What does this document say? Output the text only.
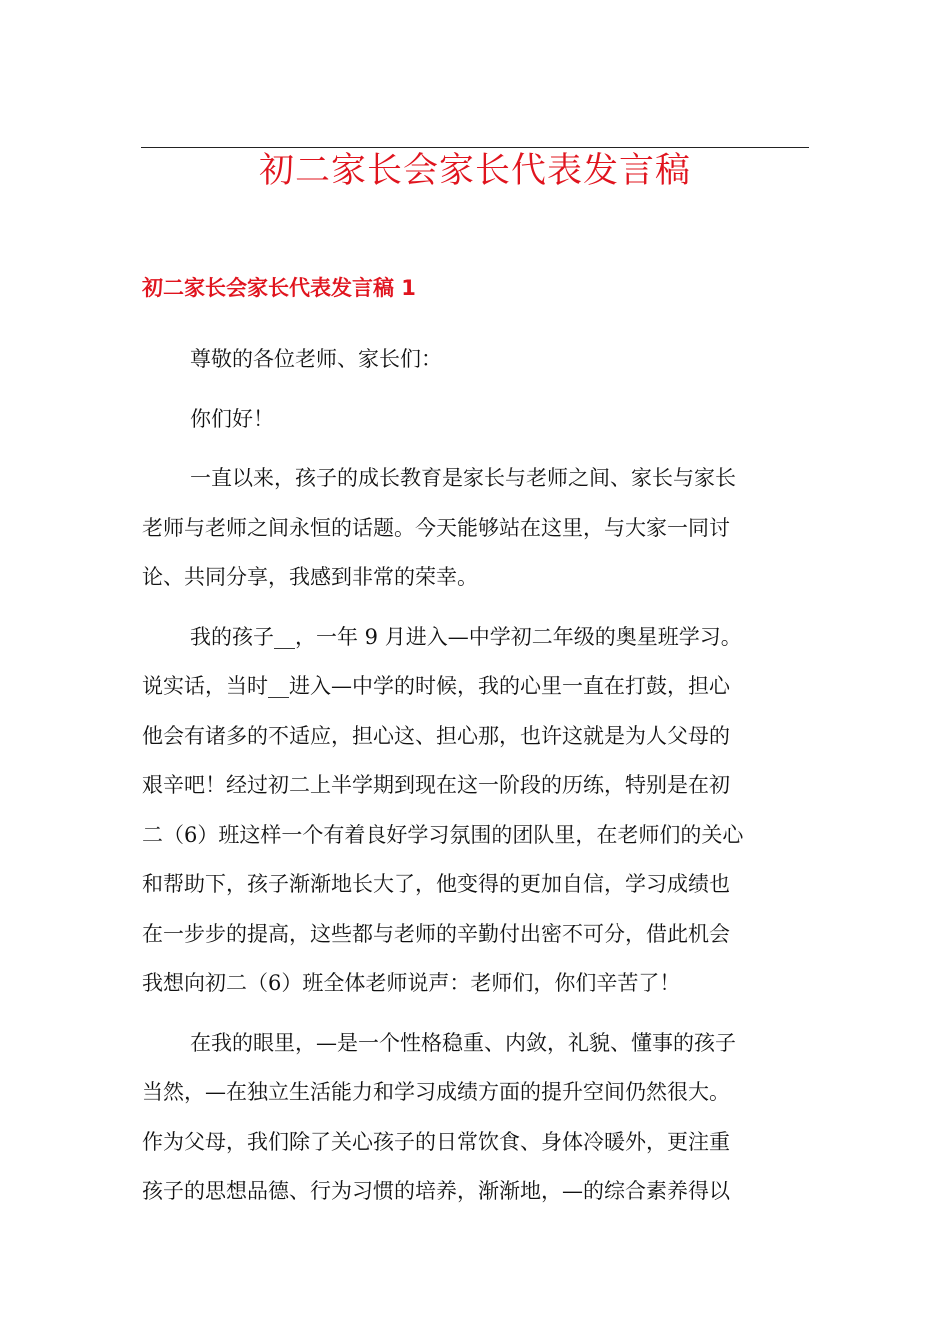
初二家长会家长代表发言稿
初二家长会家长代表发言稿 1
尊敬的各位老师、家长们：
你们好！
一直以来，孩子的成长教育是家长与老师之间、家长与家长
老师与老师之间永恒的话题。今天能够站在这里，与大家一同讨
论、共同分享，我感到非常的荣幸。
我的孩子__，一年 9 月进入—中学初二年级的奥星班学习。
说实话，当时__进入—中学的时候，我的心里一直在打鼓，担心
他会有诸多的不适应，担心这、担心那，也许这就是为人父母的
艰辛吧！经过初二上半学期到现在这一阶段的历练，特别是在初
二（6）班这样一个有着良好学习氛围的团队里，在老师们的关心
和帮助下，孩子渐渐地长大了，他变得的更加自信，学习成绩也
在一步步的提高，这些都与老师的辛勤付出密不可分，借此机会
我想向初二（6）班全体老师说声：老师们，你们辛苦了！
在我的眼里，—是一个性格稳重、内敛，礼貌、懂事的孩子
当然，—在独立生活能力和学习成绩方面的提升空间仍然很大。
作为父母，我们除了关心孩子的日常饮食、身体冷暖外，更注重
孩子的思想品德、行为习惯的培养，渐渐地，—的综合素养得以
